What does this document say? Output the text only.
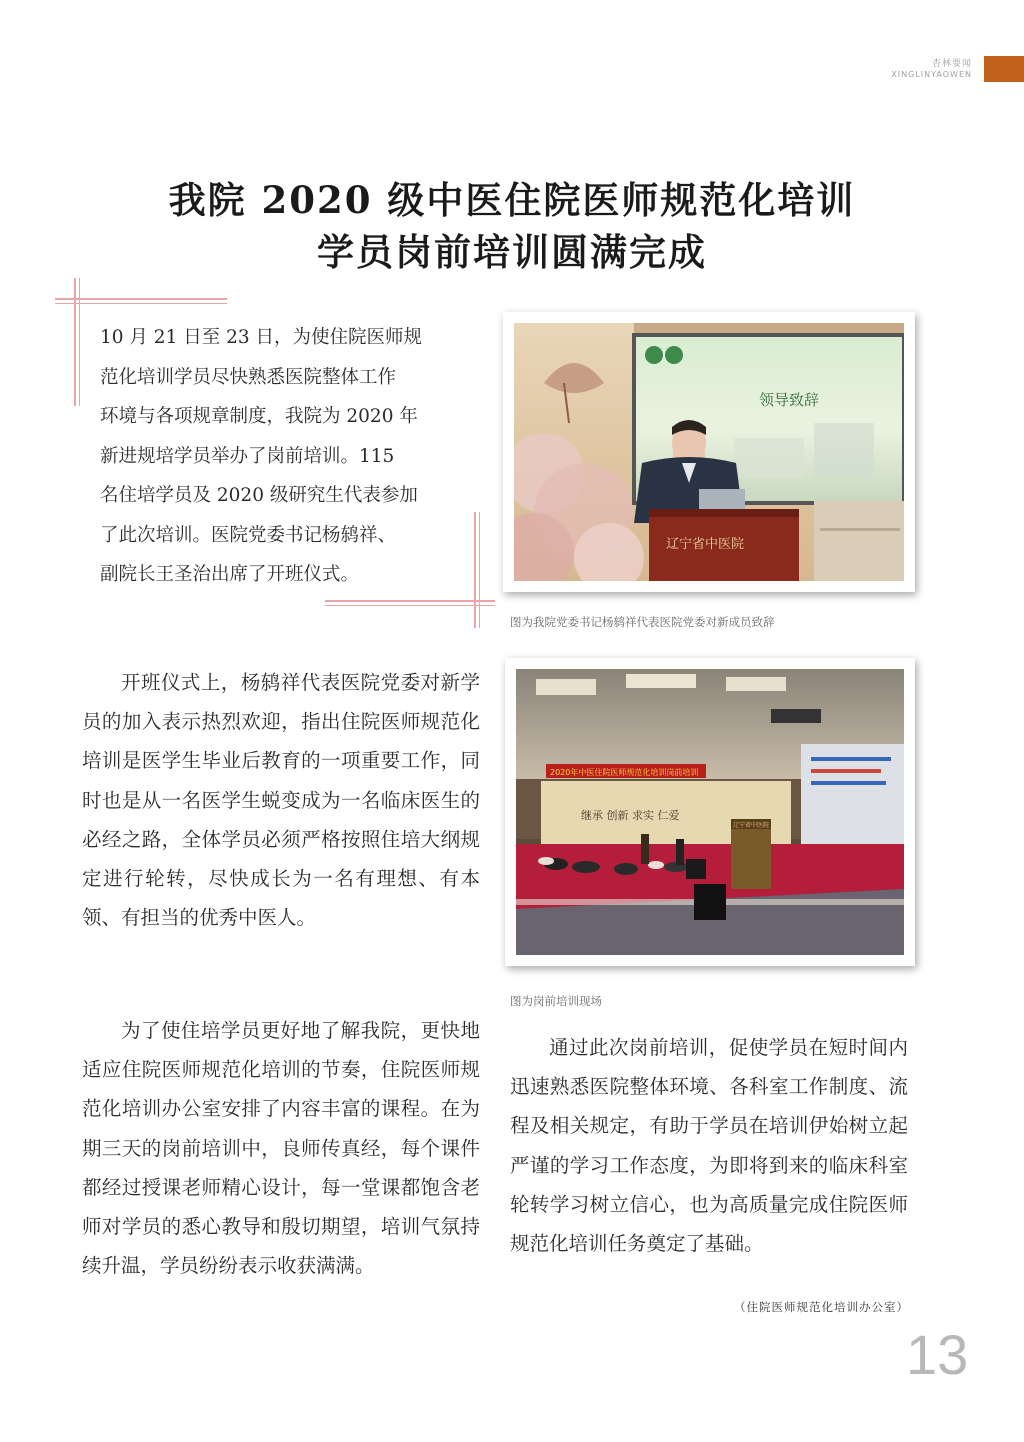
杏林要闻
XINGLINYAOWEN
我院 2020 级中医住院医师规范化培训
学员岗前培训圆满完成

10 月 21 日至 23 日，为使住院医师规

范化培训学员尽快熟悉医院整体工作

环境与各项规章制度，我院为 2020 年

新进规培学员举办了岗前培训。115

名住培学员及 2020 级研究生代表参加

了此次培训。医院党委书记杨鸫祥、

副院长王圣治出席了开班仪式。

领导致辞
辽宁省中医院
图为我院党委书记杨鸫祥代表医院党委对新成员致辞
2020年中医住院医师规范化培训岗前培训
继承 创新 求实 仁爱
辽宁省中医院
图为岗前培训现场

开班仪式上，杨鸫祥代表医院党委对新学员的加入表示热烈欢迎，指出住院医师规范化培训是医学生毕业后教育的一项重要工作，同时也是从一名医学生蜕变成为一名临床医生的必经之路，全体学员必须严格按照住培大纲规定进行轮转，尽快成长为一名有理想、有本领、有担当的优秀中医人。

为了使住培学员更好地了解我院，更快地适应住院医师规范化培训的节奏，住院医师规范化培训办公室安排了内容丰富的课程。在为期三天的岗前培训中，良师传真经，每个课件都经过授课老师精心设计，每一堂课都饱含老师对学员的悉心教导和殷切期望，培训气氛持续升温，学员纷纷表示收获满满。

通过此次岗前培训，促使学员在短时间内迅速熟悉医院整体环境、各科室工作制度、流程及相关规定，有助于学员在培训伊始树立起严谨的学习工作态度，为即将到来的临床科室轮转学习树立信心，也为高质量完成住院医师规范化培训任务奠定了基础。

（住院医师规范化培训办公室）
13
